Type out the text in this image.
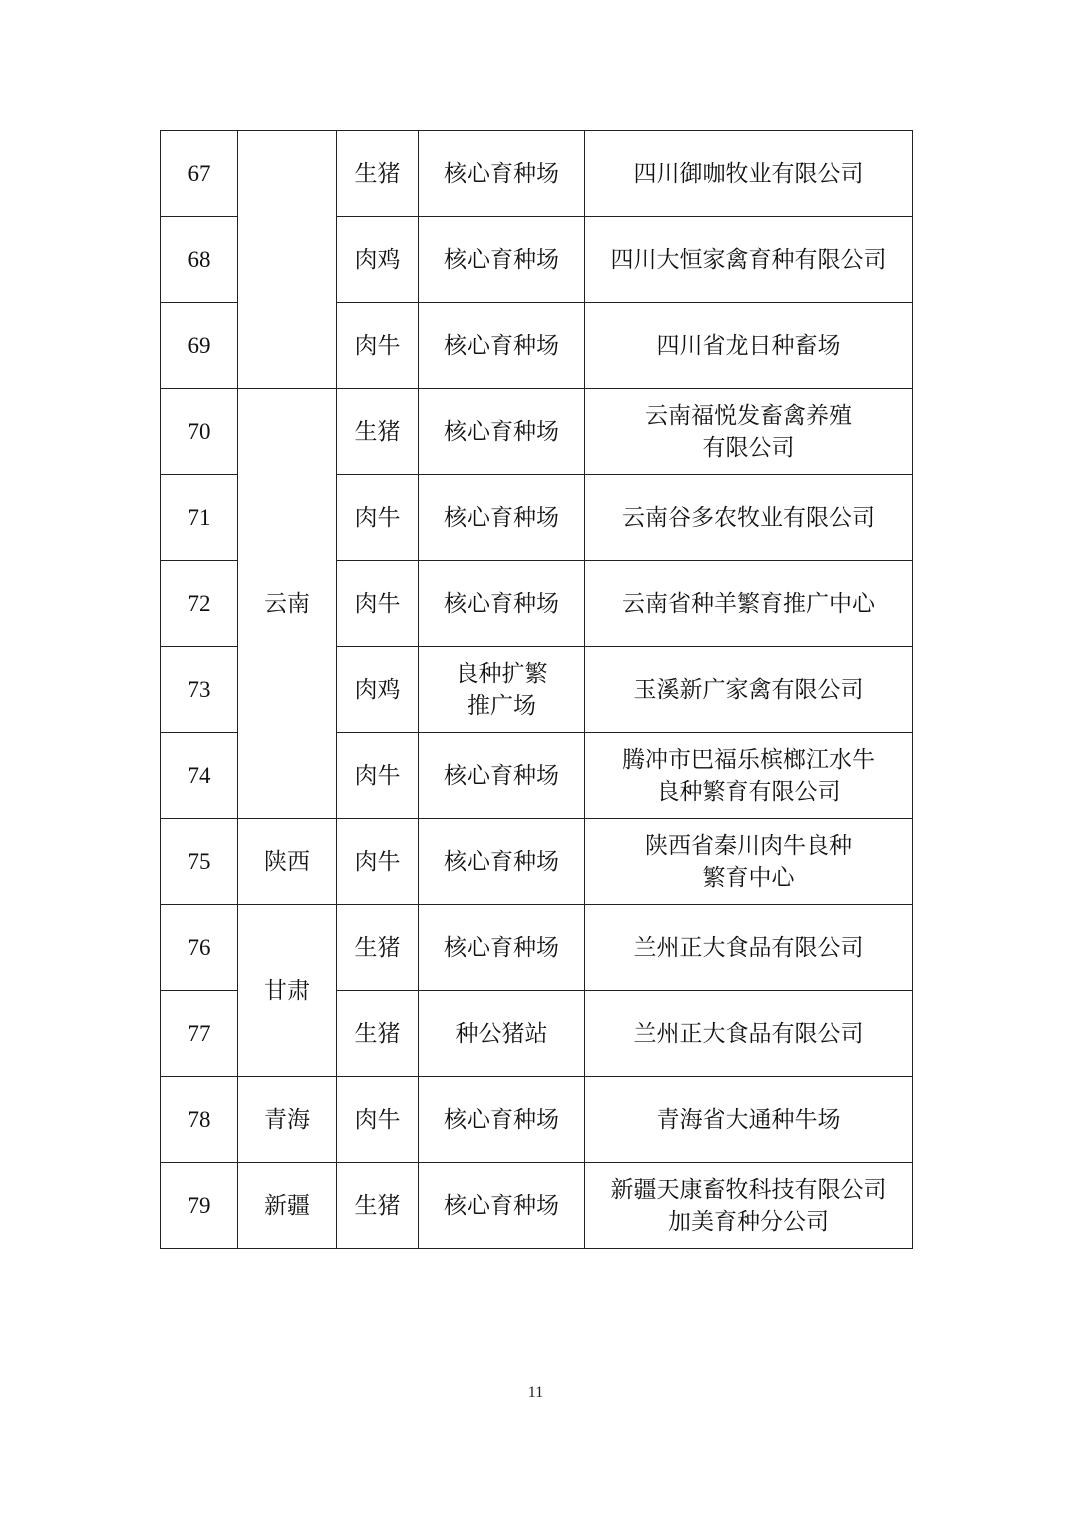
67		生猪	核心育种场	四川御咖牧业有限公司

68		肉鸡	核心育种场	四川大恒家禽育种有限公司

69		肉牛	核心育种场	四川省龙日种畜场

70	云南	生猪	核心育种场	云南福悦发畜禽养殖
有限公司

71		肉牛	核心育种场	云南谷多农牧业有限公司

72		肉牛	核心育种场	云南省种羊繁育推广中心

73		肉鸡	良种扩繁
推广场	玉溪新广家禽有限公司

74		肉牛	核心育种场	腾冲市巴福乐槟榔江水牛
良种繁育有限公司

75	陕西	肉牛	核心育种场	陕西省秦川肉牛良种
繁育中心

76	甘肃	生猪	核心育种场	兰州正大食品有限公司

77		生猪	种公猪站	兰州正大食品有限公司

78	青海	肉牛	核心育种场	青海省大通种牛场

79	新疆	生猪	核心育种场	新疆天康畜牧科技有限公司
加美育种分公司
11
